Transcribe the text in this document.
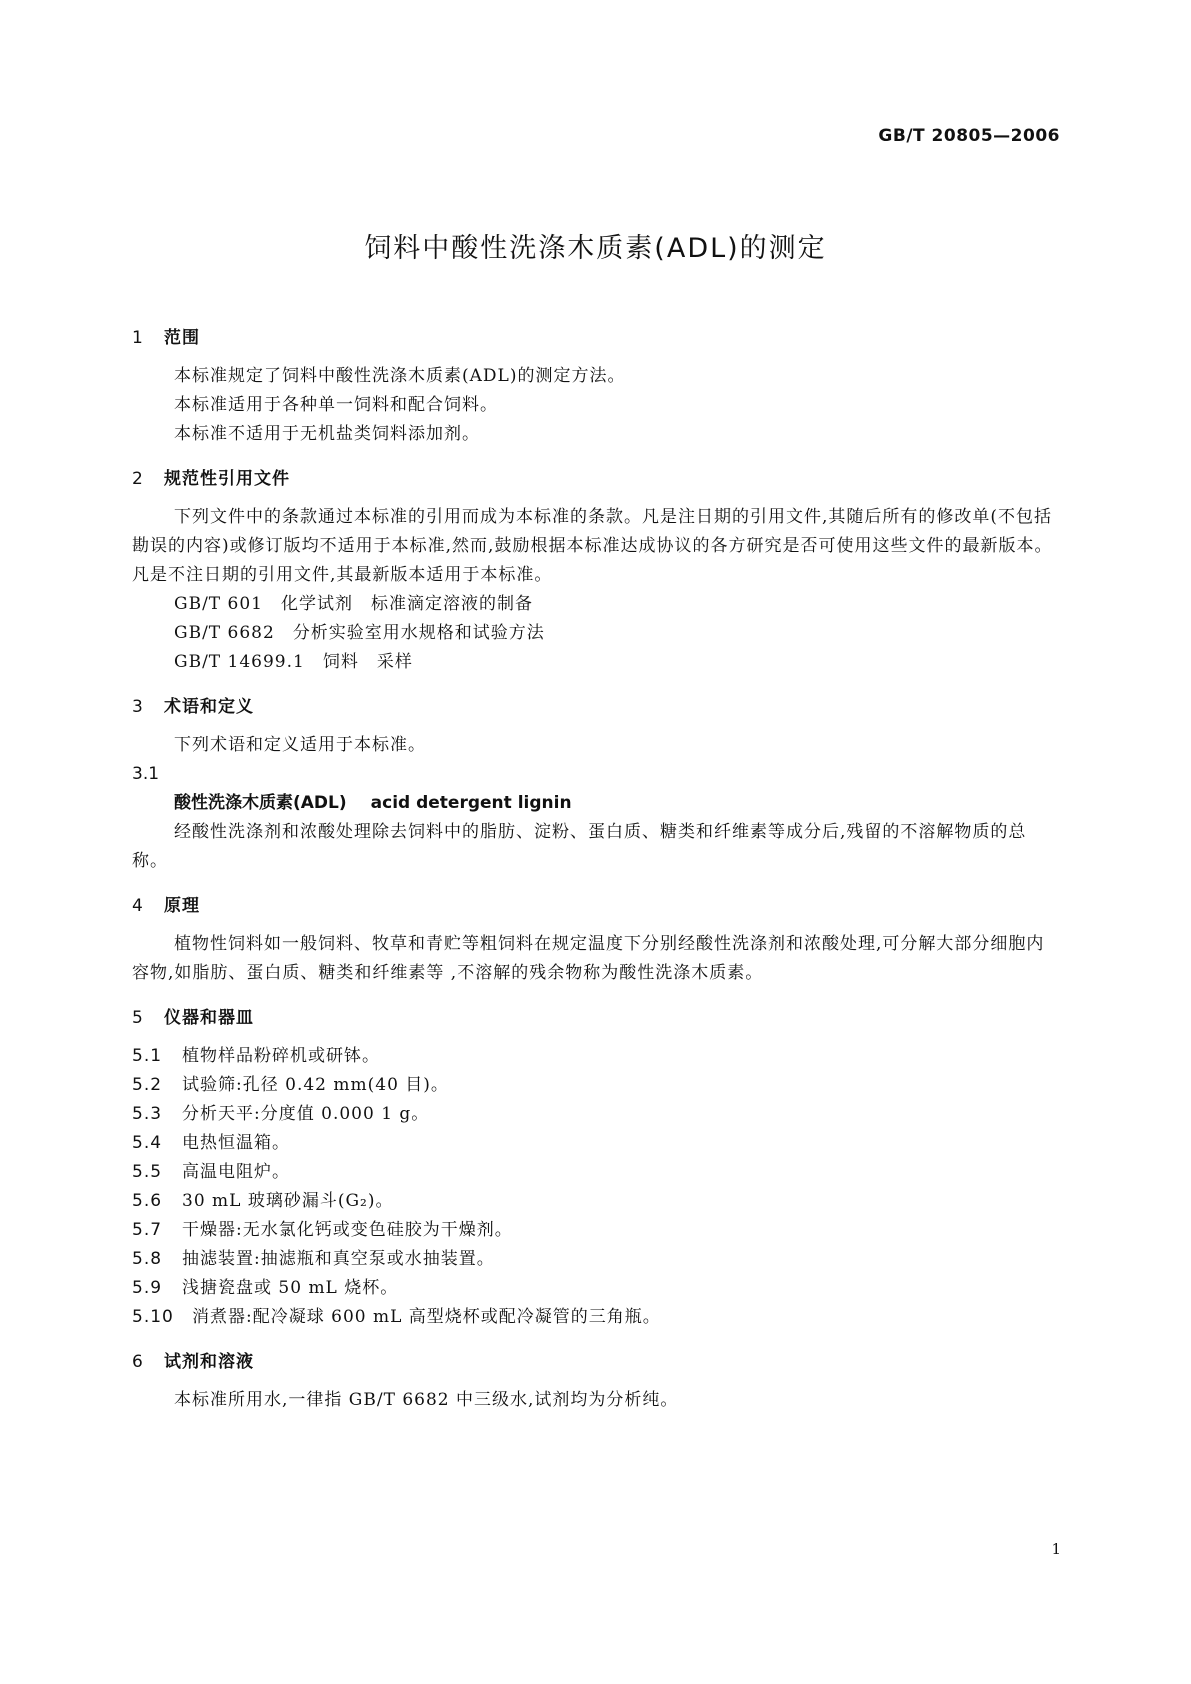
GB/T 20805—2006
饲料中酸性洗涤木质素(ADL)的测定
1 范围
本标准规定了饲料中酸性洗涤木质素(ADL)的测定方法。
本标准适用于各种单一饲料和配合饲料。
本标准不适用于无机盐类饲料添加剂。
2 规范性引用文件
下列文件中的条款通过本标准的引用而成为本标准的条款。凡是注日期的引用文件,其随后所有的修改单(不包括勘误的内容)或修订版均不适用于本标准,然而,鼓励根据本标准达成协议的各方研究是否可使用这些文件的最新版本。凡是不注日期的引用文件,其最新版本适用于本标准。
GB/T 601 化学试剂　标准滴定溶液的制备
GB/T 6682 分析实验室用水规格和试验方法
GB/T 14699.1 饲料　采样
3 术语和定义
下列术语和定义适用于本标准。
3.1
酸性洗涤木质素(ADL) acid detergent lignin
经酸性洗涤剂和浓酸处理除去饲料中的脂肪、淀粉、蛋白质、糖类和纤维素等成分后,残留的不溶解物质的总称。
4 原理
植物性饲料如一般饲料、牧草和青贮等粗饲料在规定温度下分别经酸性洗涤剂和浓酸处理,可分解大部分细胞内容物,如脂肪、蛋白质、糖类和纤维素等 ,不溶解的残余物称为酸性洗涤木质素。
5 仪器和器皿
5.1 植物样品粉碎机或研钵。
5.2 试验筛:孔径 0.42 mm(40 目)。
5.3 分析天平:分度值 0.000 1 g。
5.4 电热恒温箱。
5.5 高温电阻炉。
5.6 30 mL 玻璃砂漏斗(G₂)。
5.7 干燥器:无水氯化钙或变色硅胶为干燥剂。
5.8 抽滤装置:抽滤瓶和真空泵或水抽装置。
5.9 浅搪瓷盘或 50 mL 烧杯。
5.10 消煮器:配冷凝球 600 mL 高型烧杯或配冷凝管的三角瓶。
6 试剂和溶液
本标准所用水,一律指 GB/T 6682 中三级水,试剂均为分析纯。
1
